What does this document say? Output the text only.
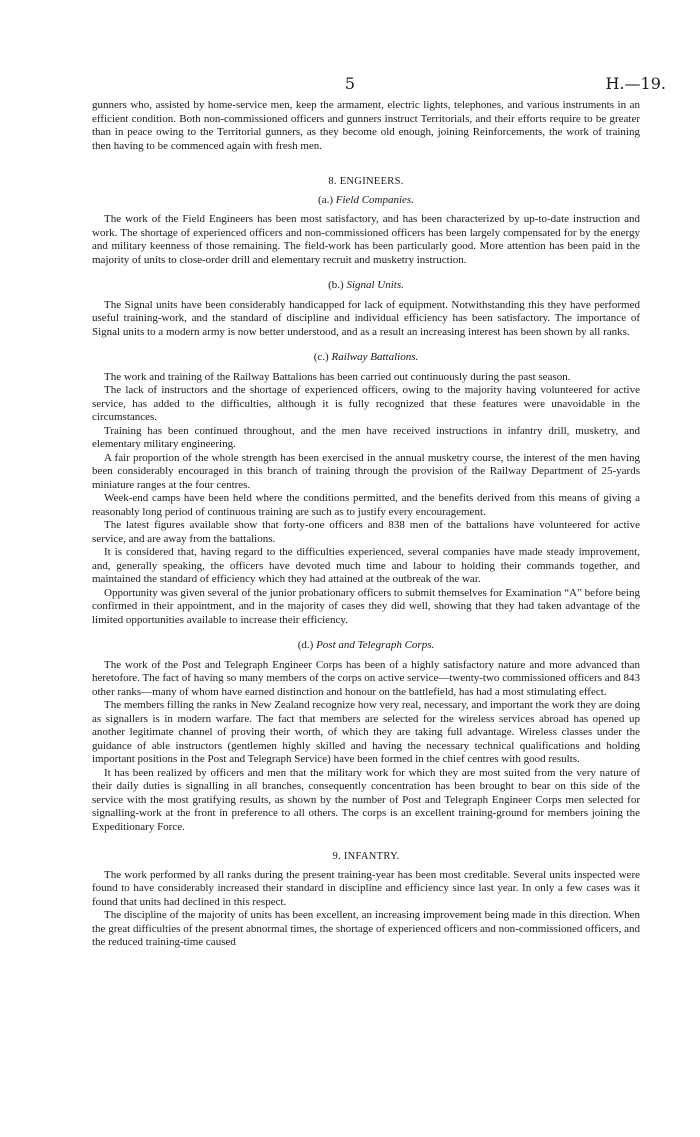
5	H.—19.

gunners who, assisted by home-service men, keep the armament, electric lights, telephones, and various instruments in an efficient condition. Both non-commissioned officers and gunners instruct Territorials, and their efforts require to be greater than in peace owing to the Territorial gunners, as they become old enough, joining Reinforcements, the work of training then having to be commenced again with fresh men.

8. ENGINEERS.
(a.) Field Companies.

The work of the Field Engineers has been most satisfactory, and has been characterized by up-to-date instruction and work. The shortage of experienced officers and non-commissioned officers has been largely compensated for by the energy and military keenness of those remaining. The field-work has been particularly good. More attention has been paid in the majority of units to close-order drill and elementary recruit and musketry instruction.

(b.) Signal Units.

The Signal units have been considerably handicapped for lack of equipment. Notwithstanding this they have performed useful training-work, and the standard of discipline and individual efficiency has been satisfactory. The importance of Signal units to a modern army is now better understood, and as a result an increasing interest has been shown by all ranks.

(c.) Railway Battalions.

The work and training of the Railway Battalions has been carried out continuously during the past season.

The lack of instructors and the shortage of experienced officers, owing to the majority having volunteered for active service, has added to the difficulties, although it is fully recognized that these features were unavoidable in the circumstances.

Training has been continued throughout, and the men have received instructions in infantry drill, musketry, and elementary military engineering.

A fair proportion of the whole strength has been exercised in the annual musketry course, the interest of the men having been considerably encouraged in this branch of training through the provision of the Railway Department of 25-yards miniature ranges at the four centres.

Week-end camps have been held where the conditions permitted, and the benefits derived from this means of giving a reasonably long period of continuous training are such as to justify every encouragement.

The latest figures available show that forty-one officers and 838 men of the battalions have volunteered for active service, and are away from the battalions.

It is considered that, having regard to the difficulties experienced, several companies have made steady improvement, and, generally speaking, the officers have devoted much time and labour to holding their commands together, and maintained the standard of efficiency which they had attained at the outbreak of the war.

Opportunity was given several of the junior probationary officers to submit themselves for Examination “A” before being confirmed in their appointment, and in the majority of cases they did well, showing that they had taken advantage of the limited opportunities available to increase their efficiency.

(d.) Post and Telegraph Corps.

The work of the Post and Telegraph Engineer Corps has been of a highly satisfactory nature and more advanced than heretofore. The fact of having so many members of the corps on active service—twenty-two commissioned officers and 843 other ranks—many of whom have earned distinction and honour on the battlefield, has had a most stimulating effect.

The members filling the ranks in New Zealand recognize how very real, necessary, and important the work they are doing as signallers is in modern warfare. The fact that members are selected for the wireless services abroad has opened up another legitimate channel of proving their worth, of which they are taking full advantage. Wireless classes under the guidance of able instructors (gentlemen highly skilled and having the necessary technical qualifications and holding important positions in the Post and Telegraph Service) have been formed in the chief centres with good results.

It has been realized by officers and men that the military work for which they are most suited from the very nature of their daily duties is signalling in all branches, consequently concentration has been brought to bear on this side of the service with the most gratifying results, as shown by the number of Post and Telegraph Engineer Corps men selected for signalling-work at the front in preference to all others. The corps is an excellent training-ground for members joining the Expeditionary Force.

9. INFANTRY.

The work performed by all ranks during the present training-year has been most creditable. Several units inspected were found to have considerably increased their standard in discipline and efficiency since last year. In only a few cases was it found that units had declined in this respect.

The discipline of the majority of units has been excellent, an increasing improvement being made in this direction. When the great difficulties of the present abnormal times, the shortage of experienced officers and non-commissioned officers, and the reduced training-time caused
